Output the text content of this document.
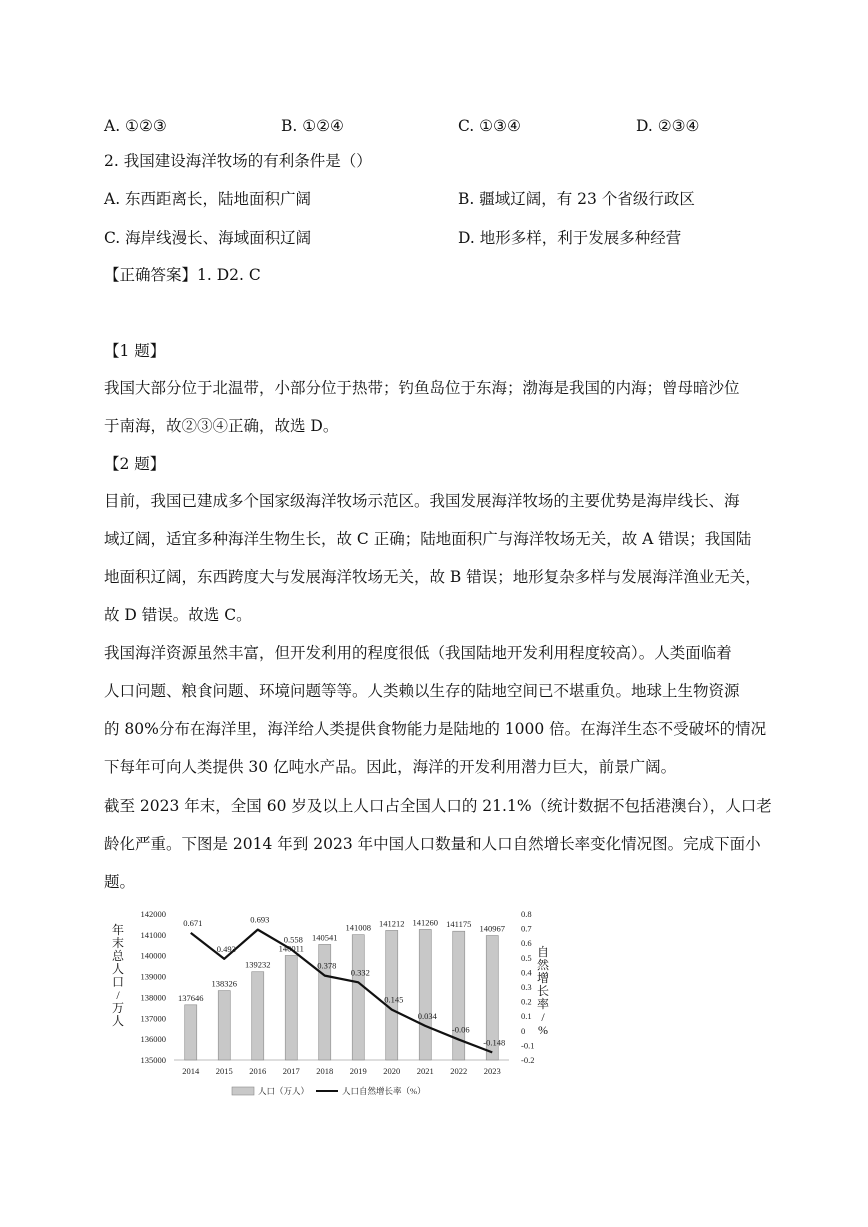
A. ①②③	B. ①②④	C. ①③④	D. ②③④
2. 我国建设海洋牧场的有利条件是（）
A. 东西距离长，陆地面积广阔	B. 疆域辽阔，有 23 个省级行政区
C. 海岸线漫长、海域面积辽阔	D. 地形多样，利于发展多种经营
【正确答案】1. D2. C
【1 题】
我国大部分位于北温带，小部分位于热带；钓鱼岛位于东海；渤海是我国的内海；曾母暗沙位
于南海，故②③④正确，故选 D。
【2 题】
目前，我国已建成多个国家级海洋牧场示范区。我国发展海洋牧场的主要优势是海岸线长、海
域辽阔，适宜多种海洋生物生长，故 C 正确；陆地面积广与海洋牧场无关，故 A 错误；我国陆
地面积辽阔，东西跨度大与发展海洋牧场无关，故 B 错误；地形复杂多样与发展海洋渔业无关，
故 D 错误。故选 C。
我国海洋资源虽然丰富，但开发利用的程度很低（我国陆地开发利用程度较高）。人类面临着
人口问题、粮食问题、环境问题等等。人类赖以生存的陆地空间已不堪重负。地球上生物资源
的 80%分布在海洋里，海洋给人类提供食物能力是陆地的 1000 倍。在海洋生态不受破坏的情况
下每年可向人类提供 30 亿吨水产品。因此，海洋的开发利用潜力巨大，前景广阔。
截至 2023 年末，全国 60 岁及以上人口占全国人口的 21.1%（统计数据不包括港澳台），人口老
龄化严重。下图是 2014 年到 2023 年中国人口数量和人口自然增长率变化情况图。完成下面小
题。
135000
136000
137000
138000
139000
140000
141000
142000
-0.2
-0.1
0
0.1
0.2
0.3
0.4
0.5
0.6
0.7
0.8
137646
138326
139232
140011
140541
141008 141212 141260 141175 140967
0.671
0.493
0.693
0.558
0.378
0.332
0.145
0.034
-0.06
-0.148
2014 2015 2016 2017 2018 2019 2020 2021 2022 2023
年
末
总
人
口
/
万
人
自
然
增
长
率
/
%
人口（万人）	人口自然增长率（%）
